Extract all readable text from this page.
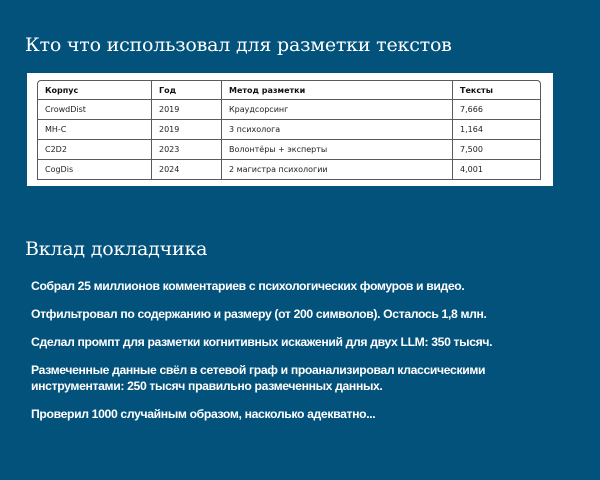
Кто что использовал для разметки текстов
Корпус	Год	Метод разметки	Тексты
CrowdDist	2019	Краудсорсинг	7,666
MH-C	2019	3 психолога	1,164
C2D2	2023	Волонтёры + эксперты	7,500
CogDis	2024	2 магистра психологии	4,001
Вклад докладчика
Собрал 25 миллионов комментариев с психологических фомуров и видео.
Отфильтровал по содержанию и размеру (от 200 символов). Осталось 1,8 млн.
Сделал промпт для разметки когнитивных искажений для двух LLM: 350 тысяч.
Размеченные данные свёл в сетевой граф и проанализировал классическими инструментами: 250 тысяч правильно размеченных данных.
Проверил 1000 случайным образом, насколько адекватно...
